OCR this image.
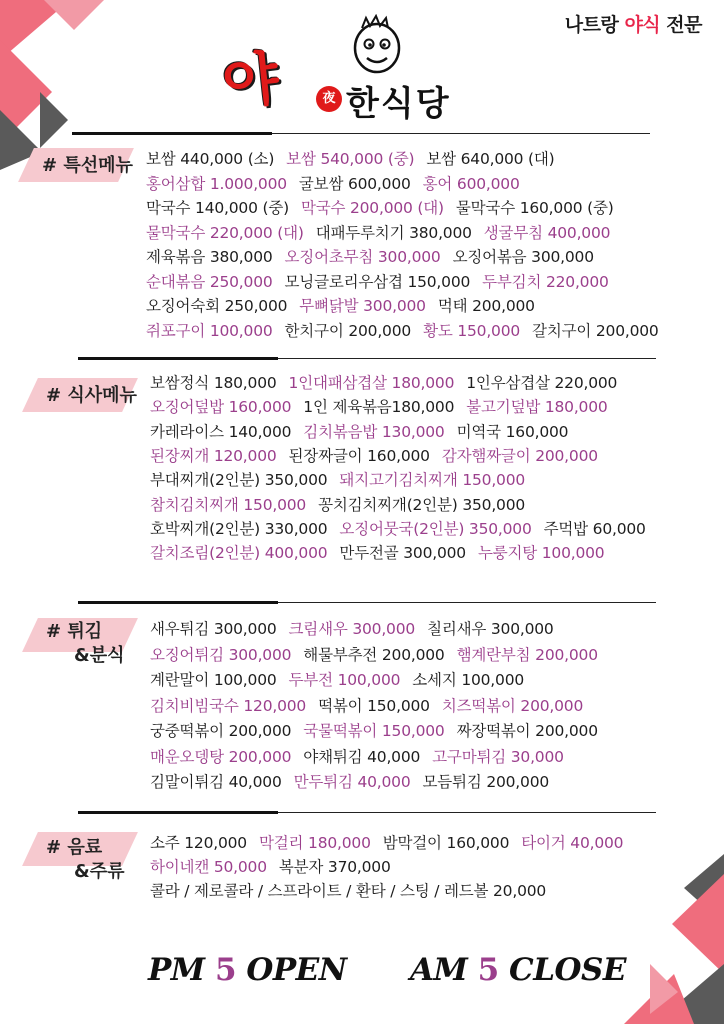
나트랑 야식 전문
야	夜 한식당
# 특선메뉴 보쌈 440,000 (소) 보쌈 540,000 (중) 보쌈 640,000 (대)
홍어삼합 1.000,000 굴보쌈 600,000 홍어 600,000
막국수 140,000 (중) 막국수 200,000 (대) 물막국수 160,000 (중)
물막국수 220,000 (대) 대패두루치기 380,000 생굴무침 400,000
제육볶음 380,000 오징어초무침 300,000 오징어볶음 300,000
순대볶음 250,000 모닝글로리우삼겹 150,000 두부김치 220,000
오징어숙회 250,000 무뼈닭발 300,000 먹태 200,000
쥐포구이 100,000 한치구이 200,000 황도 150,000 갈치구이 200,000
# 식사메뉴
보쌈정식 180,000 1인대패삼겹살 180,000 1인우삼겹살 220,000
오징어덮밥 160,000 1인 제육볶음180,000 불고기덮밥 180,000
카레라이스 140,000 김치볶음밥 130,000 미역국 160,000
된장찌개 120,000 된장짜글이 160,000 감자햄짜글이 200,000
부대찌개(2인분) 350,000 돼지고기김치찌개 150,000
참치김치찌개 150,000 꽁치김치찌개(2인분) 350,000
호박찌개(2인분) 330,000 오징어뭇국(2인분) 350,000 주먹밥 60,000
갈치조림(2인분) 400,000 만두전골 300,000 누룽지탕 100,000
# 튀김
&분식
새우튀김 300,000 크림새우 300,000 칠리새우 300,000
오징어튀김 300,000 해물부추전 200,000 햄계란부침 200,000
계란말이 100,000 두부전 100,000 소세지 100,000
김치비빔국수 120,000 떡볶이 150,000 치즈떡볶이 200,000
궁중떡볶이 200,000 국물떡볶이 150,000 짜장떡볶이 200,000
매운오뎅탕 200,000 야채튀김 40,000 고구마튀김 30,000
김말이튀김 40,000 만두튀김 40,000 모듬튀김 200,000
# 음료
&주류
소주 120,000 막걸리 180,000 밤막걸이 160,000 타이거 40,000
하이네캔 50,000 복분자 370,000
콜라 / 제로콜라 / 스프라이트 / 환타 / 스팅 / 레드볼 20,000
PM 5 OPEN AM 5 CLOSE
